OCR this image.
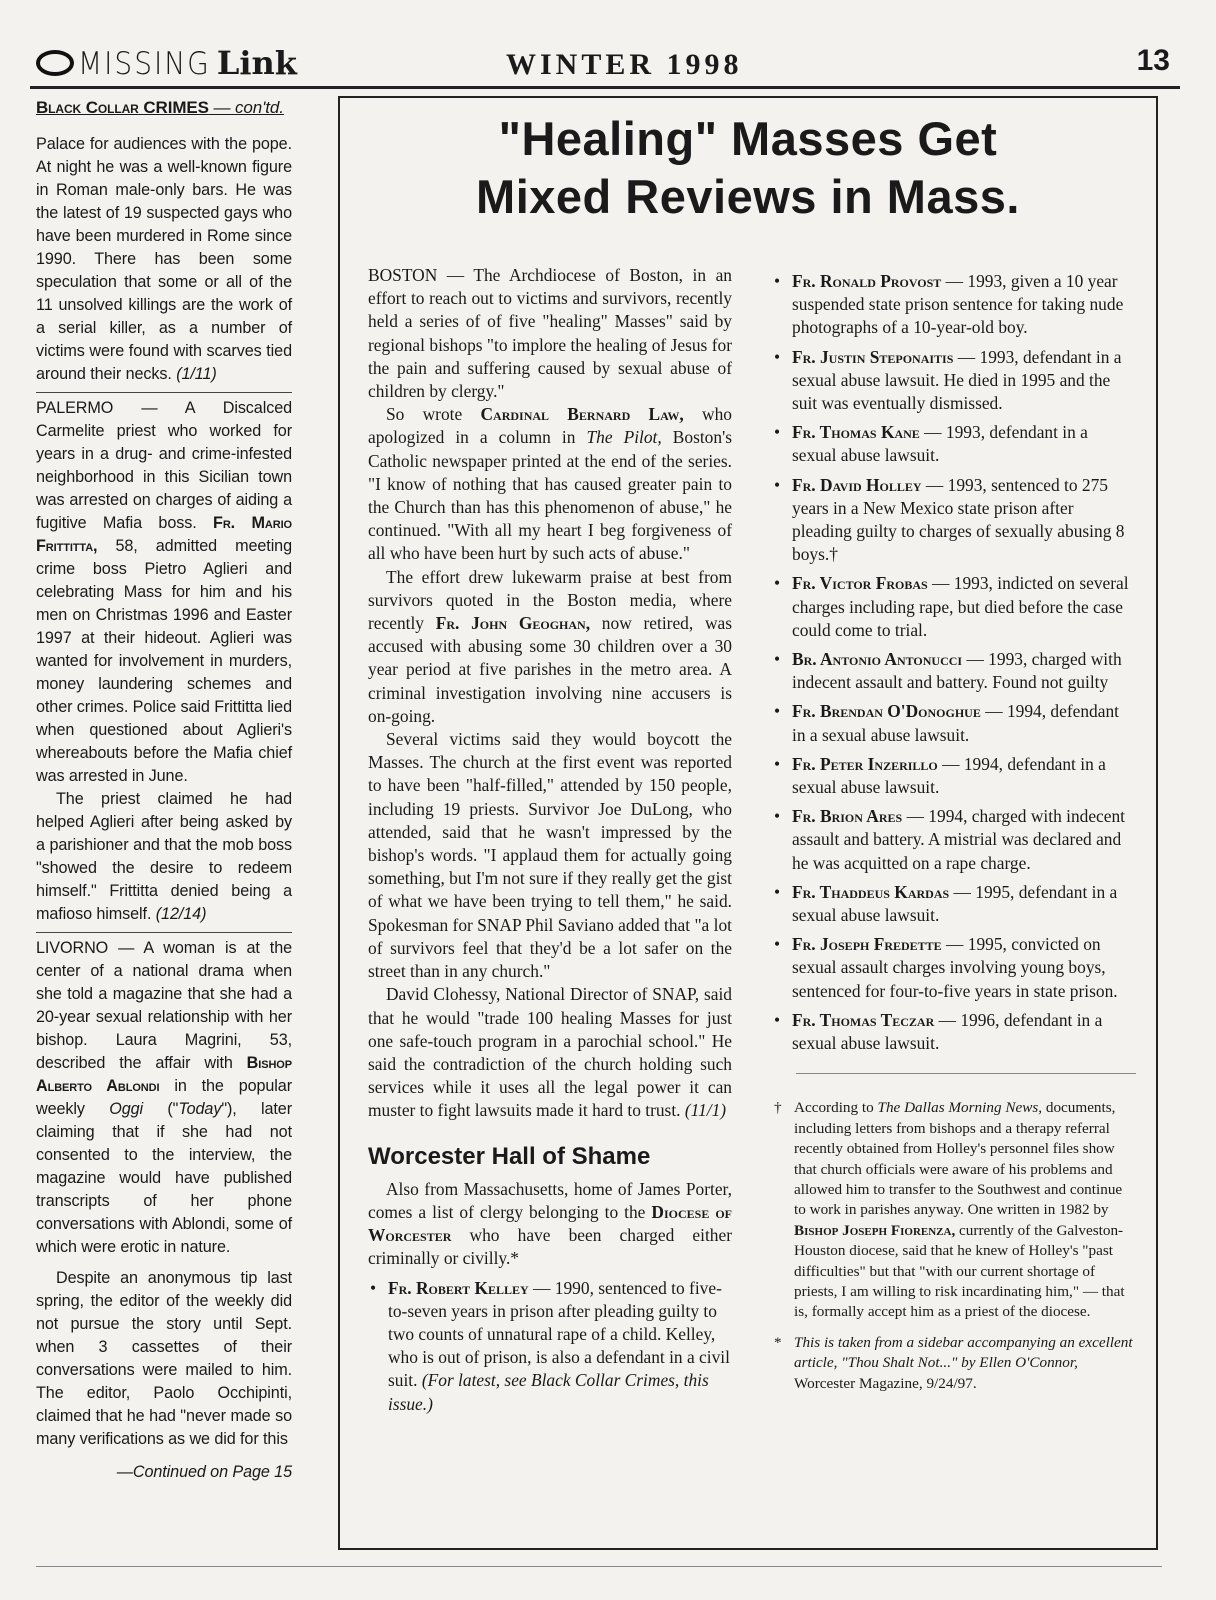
MISSING Link	WINTER 1998	13
Black Collar CRIMES — con'td.

Palace for audiences with the pope. At night he was a well-known figure in Roman male-only bars. He was the latest of 19 suspected gays who have been murdered in Rome since 1990. There has been some speculation that some or all of the 11 unsolved killings are the work of a serial killer, as a number of victims were found with scarves tied around their necks. (1/11)

PALERMO — A Discalced Carmelite priest who worked for years in a drug- and crime-infested neighborhood in this Sicilian town was arrested on charges of aiding a fugitive Mafia boss. Fr. Mario Frittitta, 58, admitted meeting crime boss Pietro Aglieri and celebrating Mass for him and his men on Christmas 1996 and Easter 1997 at their hideout. Aglieri was wanted for involvement in murders, money laundering schemes and other crimes. Police said Frittitta lied when questioned about Aglieri's whereabouts before the Mafia chief was arrested in June.

The priest claimed he had helped Aglieri after being asked by a parishioner and that the mob boss "showed the desire to redeem himself." Frittitta denied being a mafioso himself. (12/14)

LIVORNO — A woman is at the center of a national drama when she told a magazine that she had a 20-year sexual relationship with her bishop. Laura Magrini, 53, described the affair with Bishop Alberto Ablondi in the popular weekly Oggi ("Today"), later claiming that if she had not consented to the interview, the magazine would have published transcripts of her phone conversations with Ablondi, some of which were erotic in nature.

Despite an anonymous tip last spring, the editor of the weekly did not pursue the story until Sept. when 3 cassettes of their conversations were mailed to him. The editor, Paolo Occhipinti, claimed that he had "never made so many verifications as we did for this

—Continued on Page 15
"Healing" Masses Get
Mixed Reviews in Mass.

BOSTON — The Archdiocese of Boston, in an effort to reach out to victims and survivors, recently held a series of of five "healing" Masses" said by regional bishops "to implore the healing of Jesus for the pain and suffering caused by sexual abuse of children by clergy."

So wrote Cardinal Bernard Law, who apologized in a column in The Pilot, Boston's Catholic newspaper printed at the end of the series. "I know of nothing that has caused greater pain to the Church than has this phenomenon of abuse," he continued. "With all my heart I beg forgiveness of all who have been hurt by such acts of abuse."

The effort drew lukewarm praise at best from survivors quoted in the Boston media, where recently Fr. John Geoghan, now retired, was accused with abusing some 30 children over a 30 year period at five parishes in the metro area. A criminal investigation involving nine accusers is on-going.

Several victims said they would boycott the Masses. The church at the first event was reported to have been "half-filled," attended by 150 people, including 19 priests. Survivor Joe DuLong, who attended, said that he wasn't impressed by the bishop's words. "I applaud them for actually going something, but I'm not sure if they really get the gist of what we have been trying to tell them," he said. Spokesman for SNAP Phil Saviano added that "a lot of survivors feel that they'd be a lot safer on the street than in any church."

David Clohessy, National Director of SNAP, said that he would "trade 100 healing Masses for just one safe-touch program in a parochial school." He said the contradiction of the church holding such services while it uses all the legal power it can muster to fight lawsuits made it hard to trust. (11/1)

Worcester Hall of Shame

Also from Massachusetts, home of James Porter, comes a list of clergy belonging to the Diocese of Worcester who have been charged either criminally or civilly.*

• Fr. Robert Kelley — 1990, sentenced to five-to-seven years in prison after pleading guilty to two counts of unnatural rape of a child. Kelley, who is out of prison, is also a defendant in a civil suit. (For latest, see Black Collar Crimes, this issue.)
• Fr. Ronald Provost — 1993, given a 10 year suspended state prison sentence for taking nude photographs of a 10-year-old boy.
• Fr. Justin Steponaitis — 1993, defendant in a sexual abuse lawsuit. He died in 1995 and the suit was eventually dismissed.
• Fr. Thomas Kane — 1993, defendant in a sexual abuse lawsuit.
• Fr. David Holley — 1993, sentenced to 275 years in a New Mexico state prison after pleading guilty to charges of sexually abusing 8 boys.†
• Fr. Victor Frobas — 1993, indicted on several charges including rape, but died before the case could come to trial.
• Br. Antonio Antonucci — 1993, charged with indecent assault and battery. Found not guilty
• Fr. Brendan O'Donoghue — 1994, defendant in a sexual abuse lawsuit.
• Fr. Peter Inzerillo — 1994, defendant in a sexual abuse lawsuit.
• Fr. Brion Ares — 1994, charged with indecent assault and battery. A mistrial was declared and he was acquitted on a rape charge.
• Fr. Thaddeus Kardas — 1995, defendant in a sexual abuse lawsuit.
• Fr. Joseph Fredette — 1995, convicted on sexual assault charges involving young boys, sentenced for four-to-five years in state prison.
• Fr. Thomas Teczar — 1996, defendant in a sexual abuse lawsuit.

† According to The Dallas Morning News, documents, including letters from bishops and a therapy referral recently obtained from Holley's personnel files show that church officials were aware of his problems and allowed him to transfer to the Southwest and continue to work in parishes anyway. One written in 1982 by Bishop Joseph Fiorenza, currently of the Galveston-Houston diocese, said that he knew of Holley's "past difficulties" but that "with our current shortage of priests, I am willing to risk incardinating him," — that is, formally accept him as a priest of the diocese.

* This is taken from a sidebar accompanying an excellent article, "Thou Shalt Not..." by Ellen O'Connor, Worcester Magazine, 9/24/97.
